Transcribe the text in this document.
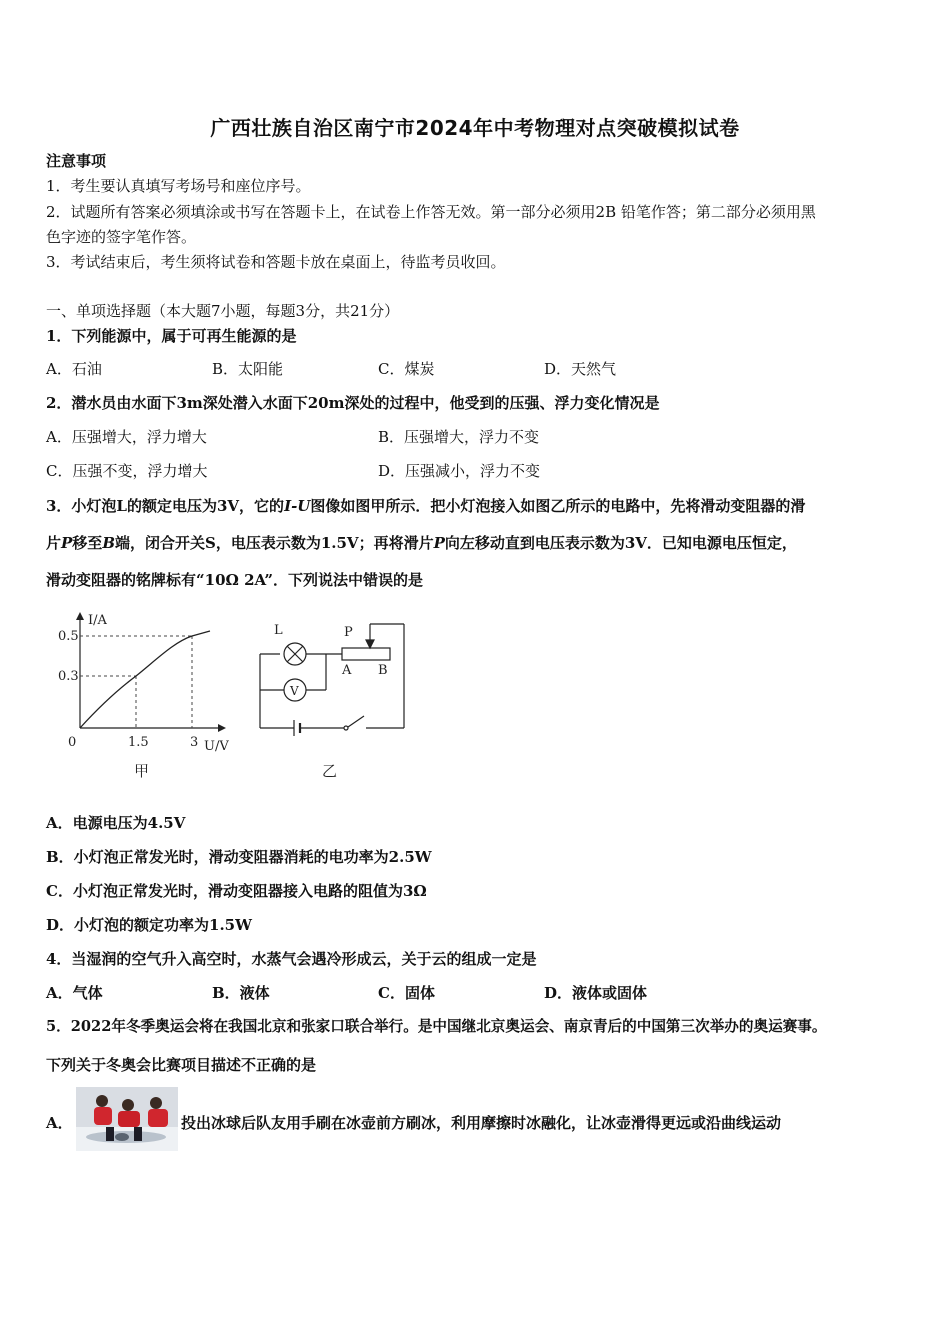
广西壮族自治区南宁市2024年中考物理对点突破模拟试卷
注意事项
1．考生要认真填写考场号和座位序号。
2．试题所有答案必须填涂或书写在答题卡上，在试卷上作答无效。第一部分必须用2B 铅笔作答；第二部分必须用黑
色字迹的签字笔作答。
3．考试结束后，考生须将试卷和答题卡放在桌面上，待监考员收回。
一、单项选择题（本大题7小题，每题3分，共21分）
1．下列能源中，属于可再生能源的是
A．石油	B．太阳能	C．煤炭	D．天然气
2．潜水员由水面下3m深处潜入水面下20m深处的过程中，他受到的压强、浮力变化情况是
A．压强增大，浮力增大	B．压强增大，浮力不变
C．压强不变，浮力增大	D．压强减小，浮力不变
3．小灯泡L的额定电压为3V，它的I-U图像如图甲所示．把小灯泡接入如图乙所示的电路中，先将滑动变阻器的滑
片P移至B端，闭合开关S，电压表示数为1.5V；再将滑片P向左移动直到电压表示数为3V．已知电源电压恒定，
滑动变阻器的铭牌标有“10Ω 2A”．下列说法中错误的是
I/A
U/V
0
0.5
0.3
1.5	3
甲
L	P
A B
V
乙
A．电源电压为4.5V
B．小灯泡正常发光时，滑动变阻器消耗的电功率为2.5W
C．小灯泡正常发光时，滑动变阻器接入电路的阻值为3Ω
D．小灯泡的额定功率为1.5W
4．当湿润的空气升入高空时，水蒸气会遇冷形成云，关于云的组成一定是
A．气体	B．液体	C．固体	D．液体或固体
5．2022年冬季奥运会将在我国北京和张家口联合举行。是中国继北京奥运会、南京青后的中国第三次举办的奥运赛事。
下列关于冬奥会比赛项目描述不正确的是
A．	投出冰球后队友用手刷在冰壶前方刷冰，利用摩擦时冰融化，让冰壶滑得更远或沿曲线运动
